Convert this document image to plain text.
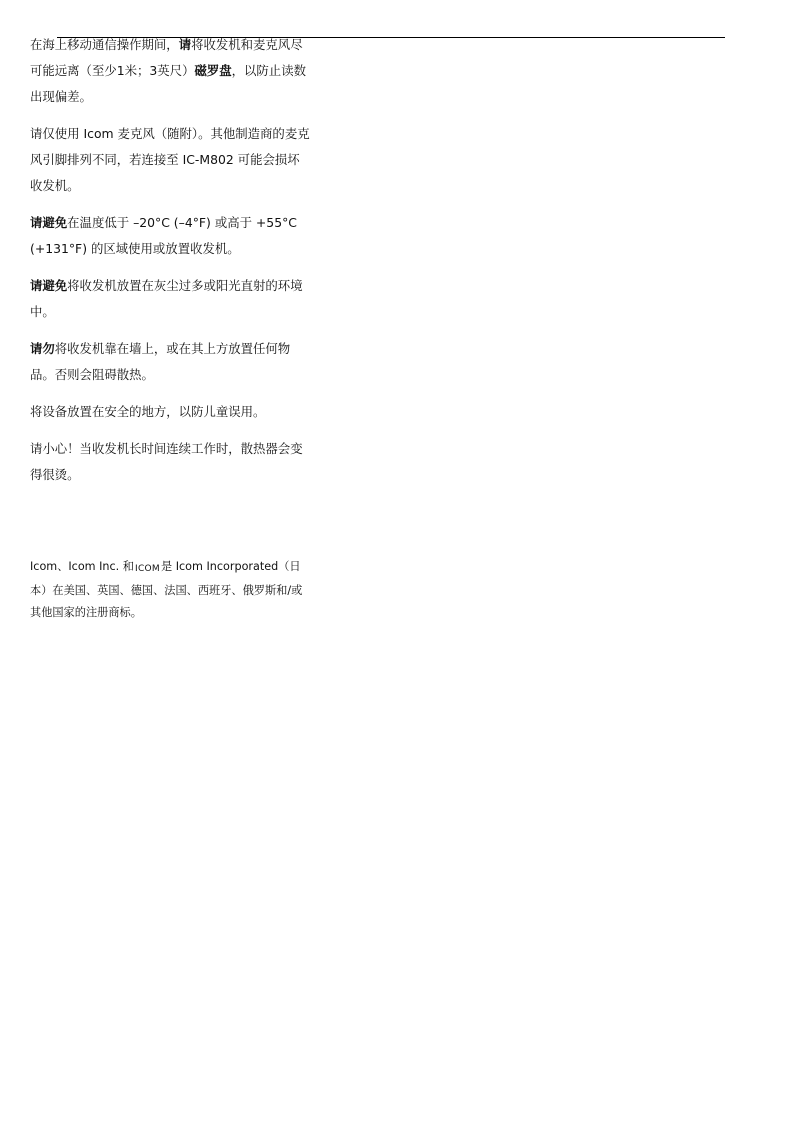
在海上移动通信操作期间，请将收发机和麦克风尽可能远离（至少1米；3英尺）磁罗盘，以防止读数出现偏差。

请仅使用 Icom 麦克风（随附）。其他制造商的麦克风引脚排列不同，若连接至 IC-M802 可能会损坏收发机。

请避免在温度低于 –20°C (–4°F) 或高于 +55°C (+131°F) 的区域使用或放置收发机。

请避免将收发机放置在灰尘过多或阳光直射的环境中。

请勿将收发机靠在墙上，或在其上方放置任何物品。否则会阻碍散热。

将设备放置在安全的地方，以防儿童误用。

请小心！当收发机长时间连续工作时，散热器会变得很烫。

Icom、Icom Inc. 和ICOM是 Icom Incorporated（日本）在美国、英国、德国、法国、西班牙、俄罗斯和/或其他国家的注册商标。
